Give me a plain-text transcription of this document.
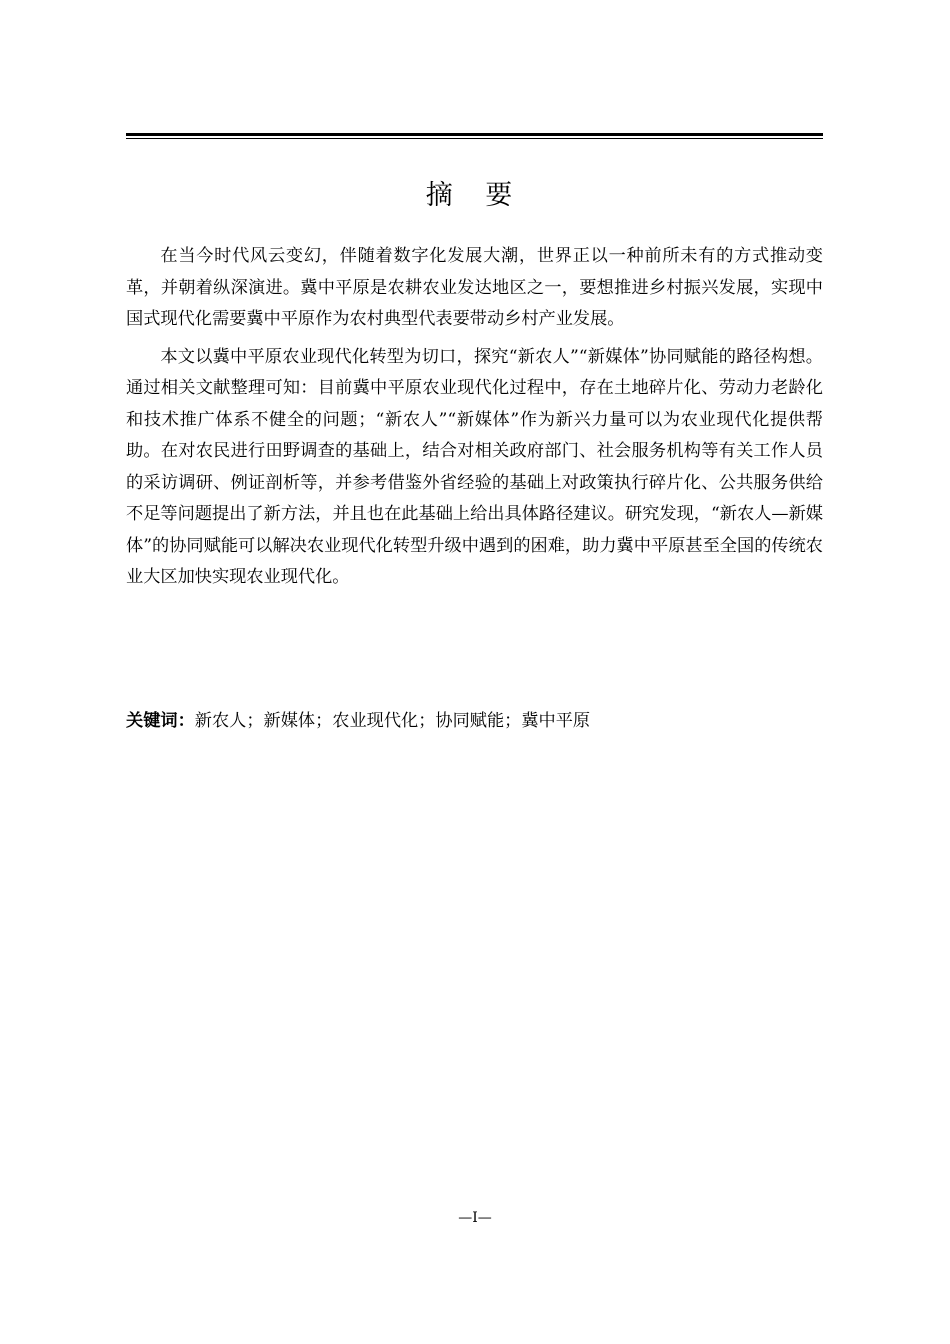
摘 要

在当今时代风云变幻，伴随着数字化发展大潮，世界正以一种前所未有的方式推动变革，并朝着纵深演进。冀中平原是农耕农业发达地区之一，要想推进乡村振兴发展，实现中国式现代化需要冀中平原作为农村典型代表要带动乡村产业发展。

本文以冀中平原农业现代化转型为切口，探究“新农人”“新媒体”协同赋能的路径构想。通过相关文献整理可知：目前冀中平原农业现代化过程中，存在土地碎片化、劳动力老龄化和技术推广体系不健全的问题；“新农人”“新媒体”作为新兴力量可以为农业现代化提供帮助。在对农民进行田野调查的基础上，结合对相关政府部门、社会服务机构等有关工作人员的采访调研、例证剖析等，并参考借鉴外省经验的基础上对政策执行碎片化、公共服务供给不足等问题提出了新方法，并且也在此基础上给出具体路径建议。研究发现，“新农人—新媒体”的协同赋能可以解决农业现代化转型升级中遇到的困难，助力冀中平原甚至全国的传统农业大区加快实现农业现代化。

关键词：新农人；新媒体；农业现代化；协同赋能；冀中平原
—I—
